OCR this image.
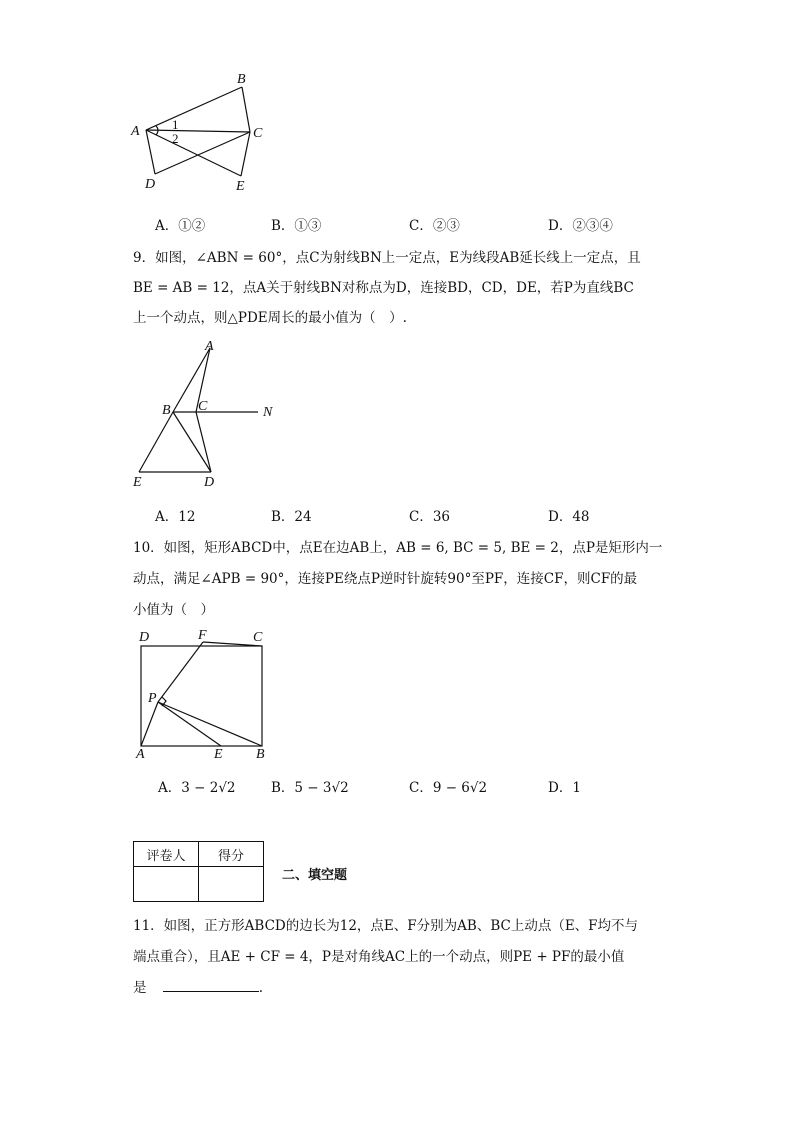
A
B
C
D	E
1
2
A．①②	B．①③	C．②③	D．②③④
9．如图，∠ABN = 60°，点C为射线BN上一定点，E为线段AB延长线上一定点，且
BE = AB = 12，点A关于射线BN对称点为D，连接BD，CD，DE，若P为直线BC
上一个动点，则△PDE周长的最小值为（　）.
A
B C	N
E	D
A．12	B．24	C．36	D．48
10．如图，矩形ABCD中，点E在边AB上，AB = 6, BC = 5, BE = 2，点P是矩形内一
动点，满足∠APB = 90°，连接PE绕点P逆时针旋转90°至PF，连接CF，则CF的最
小值为（　）
D	F	C
P
A	E B
A．3 − 2√2	B．5 − 3√2	C．9 − 6√2	D．1
评卷人	得分

二、填空题
11．如图，正方形ABCD的边长为12，点E、F分别为AB、BC上动点（E、F均不与
端点重合），且AE + CF = 4，P是对角线AC上的一个动点，则PE + PF的最小值
是	.
